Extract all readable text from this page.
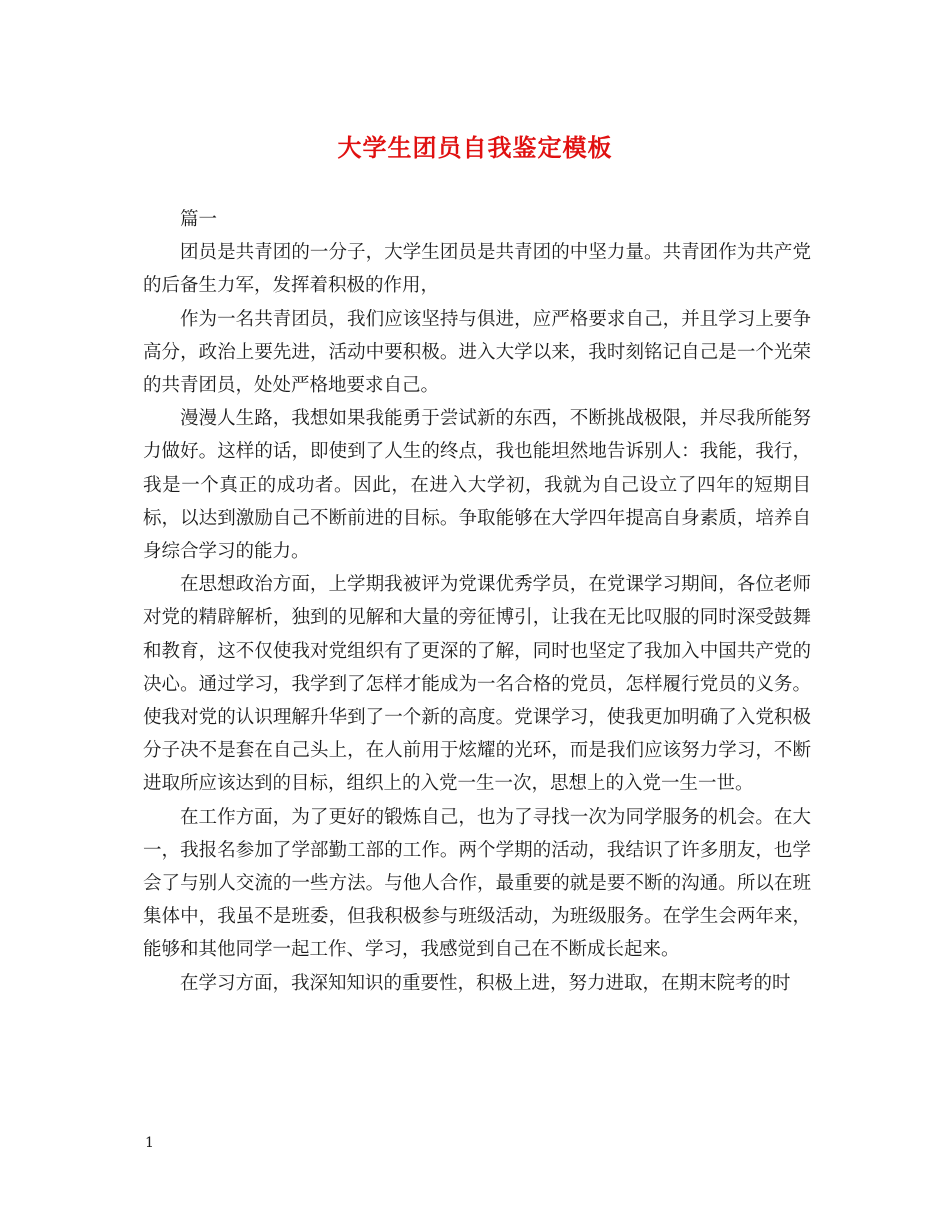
大学生团员自我鉴定模板

篇一

团员是共青团的一分子，大学生团员是共青团的中坚力量。共青团作为共产党的后备生力军，发挥着积极的作用，

作为一名共青团员，我们应该坚持与俱进，应严格要求自己，并且学习上要争高分，政治上要先进，活动中要积极。进入大学以来，我时刻铭记自己是一个光荣的共青团员，处处严格地要求自己。

漫漫人生路，我想如果我能勇于尝试新的东西，不断挑战极限，并尽我所能努力做好。这样的话，即使到了人生的终点，我也能坦然地告诉别人：我能，我行，我是一个真正的成功者。因此，在进入大学初，我就为自己设立了四年的短期目标，以达到激励自己不断前进的目标。争取能够在大学四年提高自身素质，培养自身综合学习的能力。

在思想政治方面，上学期我被评为党课优秀学员，在党课学习期间，各位老师对党的精辟解析，独到的见解和大量的旁征博引，让我在无比叹服的同时深受鼓舞和教育，这不仅使我对党组织有了更深的了解，同时也坚定了我加入中国共产党的决心。通过学习，我学到了怎样才能成为一名合格的党员，怎样履行党员的义务。使我对党的认识理解升华到了一个新的高度。党课学习，使我更加明确了入党积极分子决不是套在自己头上，在人前用于炫耀的光环，而是我们应该努力学习，不断进取所应该达到的目标，组织上的入党一生一次，思想上的入党一生一世。

在工作方面，为了更好的锻炼自己，也为了寻找一次为同学服务的机会。在大一，我报名参加了学部勤工部的工作。两个学期的活动，我结识了许多朋友，也学会了与别人交流的一些方法。与他人合作，最重要的就是要不断的沟通。所以在班集体中，我虽不是班委，但我积极参与班级活动，为班级服务。在学生会两年来，能够和其他同学一起工作、学习，我感觉到自己在不断成长起来。

在学习方面，我深知知识的重要性，积极上进，努力进取，在期末院考的时

1
